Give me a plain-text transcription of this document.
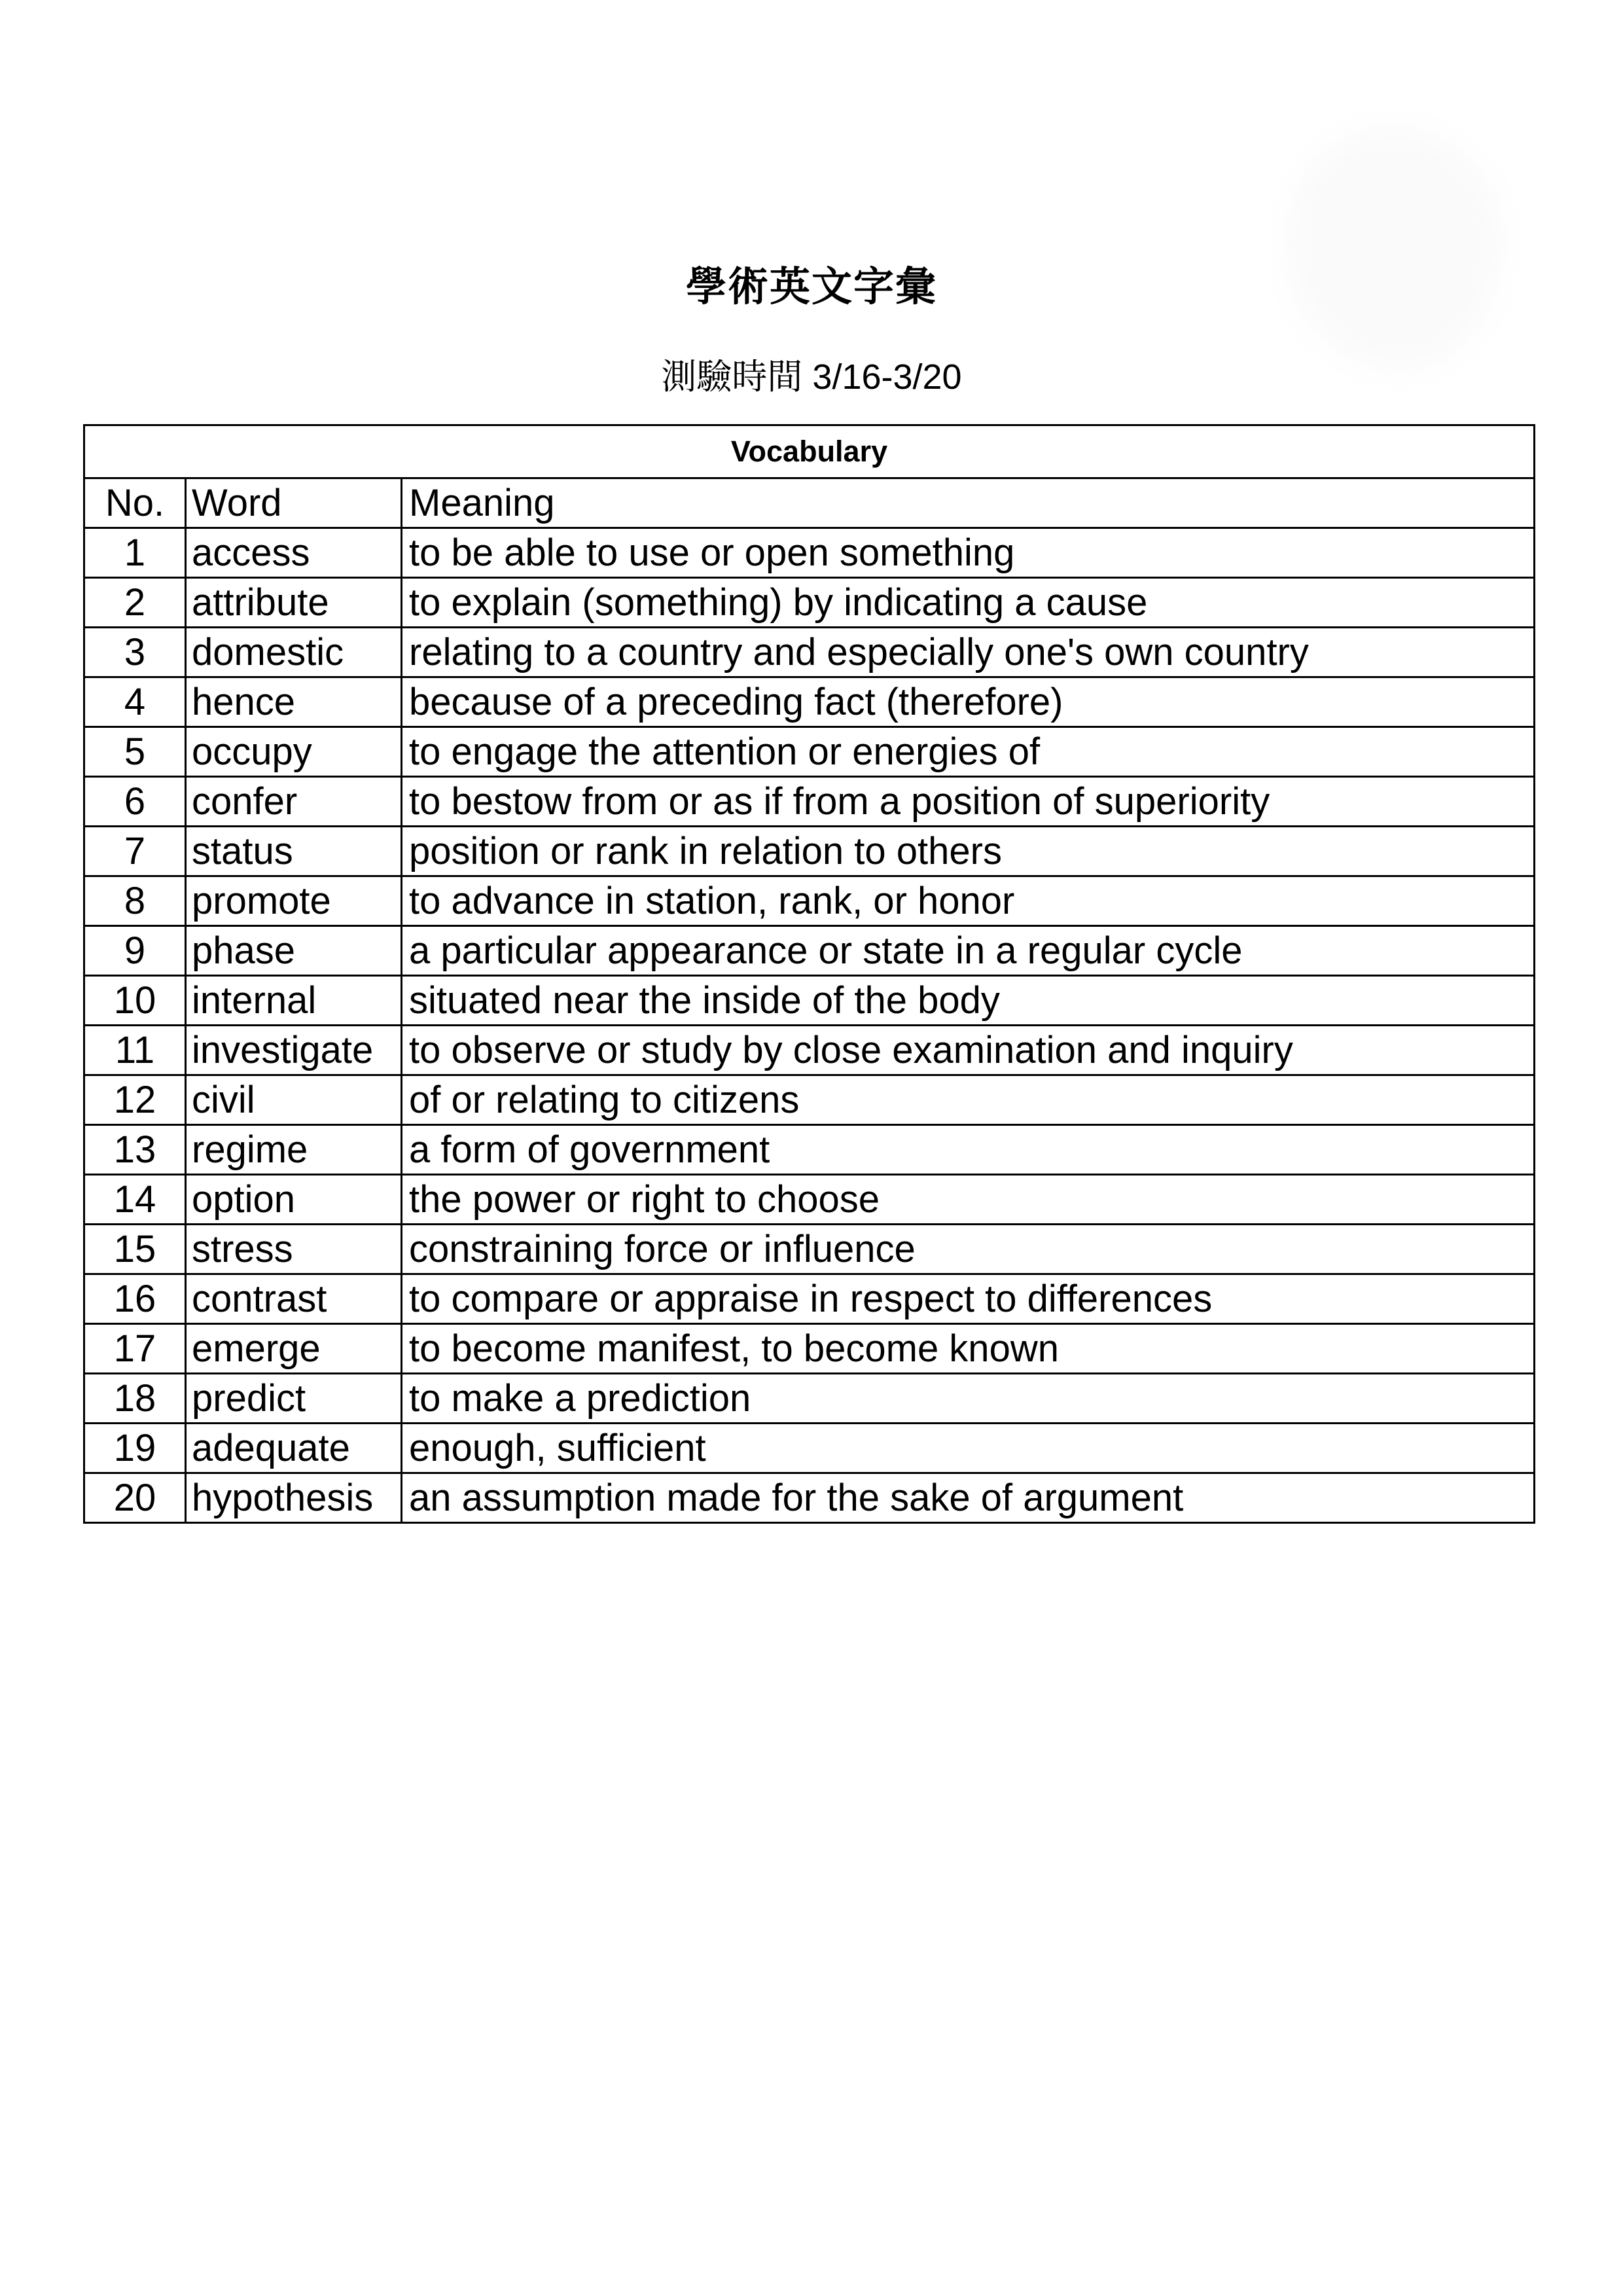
學術英文字彙
測驗時間 3/16-3/20
Vocabulary		
No.	Word	Meaning
1	access	to be able to use or open something
2	attribute	to explain (something) by indicating a cause
3	domestic	relating to a country and especially one's own country
4	hence	because of a preceding fact (therefore)
5	occupy	to engage the attention or energies of
6	confer	to bestow from or as if from a position of superiority
7	status	position or rank in relation to others
8	promote	to advance in station, rank, or honor
9	phase	a particular appearance or state in a regular cycle
10	internal	situated near the inside of the body
11	investigate	to observe or study by close examination and inquiry
12	civil	of or relating to citizens
13	regime	a form of government
14	option	the power or right to choose
15	stress	constraining force or influence
16	contrast	to compare or appraise in respect to differences
17	emerge	to become manifest, to become known
18	predict	to make a prediction
19	adequate	enough, sufficient
20	hypothesis	an assumption made for the sake of argument
